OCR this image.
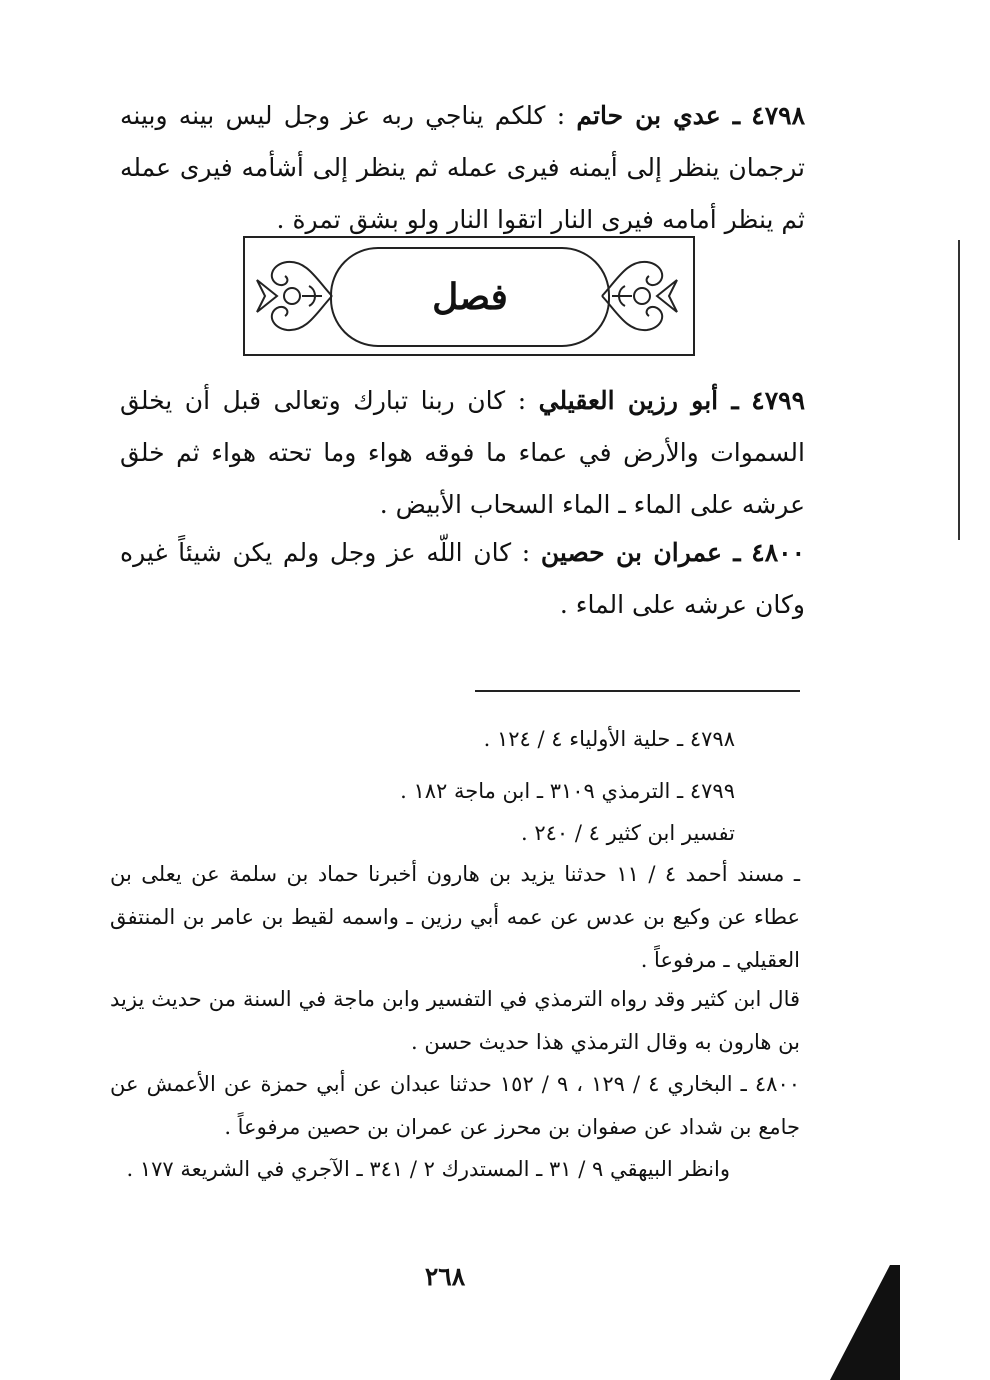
٤٧٩٨ ـ عدي بن حاتم : كلكم يناجي ربه عز وجل ليس بينه وبينه ترجمان ينظر إلى أيمنه فيرى عمله ثم ينظر إلى أشأمه فيرى عمله ثم ينظر أمامه فيرى النار اتقوا النار ولو بشق تمرة .

فصل

٤٧٩٩ ـ أبو رزين العقيلي : كان ربنا تبارك وتعالى قبل أن يخلق السموات والأرض في عماء ما فوقه هواء وما تحته هواء ثم خلق عرشه على الماء ـ الماء السحاب الأبيض .

٤٨٠٠ ـ عمران بن حصين : كان اللّه عز وجل ولم يكن شيئاً غيره وكان عرشه على الماء .

٤٧٩٨ ـ حلية الأولياء ٤ / ١٢٤ .

٤٧٩٩ ـ الترمذي ٣١٠٩ ـ ابن ماجة ١٨٢ .

تفسير ابن كثير ٤ / ٢٤٠ .

ـ مسند أحمد ٤ / ١١ حدثنا يزيد بن هارون أخبرنا حماد بن سلمة عن يعلى بن عطاء عن وكيع بن عدس عن عمه أبي رزين ـ واسمه لقيط بن عامر بن المنتفق العقيلي ـ مرفوعاً .

قال ابن كثير وقد رواه الترمذي في التفسير وابن ماجة في السنة من حديث يزيد بن هارون به وقال الترمذي هذا حديث حسن .

٤٨٠٠ ـ البخاري ٤ / ١٢٩ ، ٩ / ١٥٢ حدثنا عبدان عن أبي حمزة عن الأعمش عن جامع بن شداد عن صفوان بن محرز عن عمران بن حصين مرفوعاً .

وانظر البيهقي ٩ / ٣١ ـ المستدرك ٢ / ٣٤١ ـ الآجري في الشريعة ١٧٧ .

٢٦٨
